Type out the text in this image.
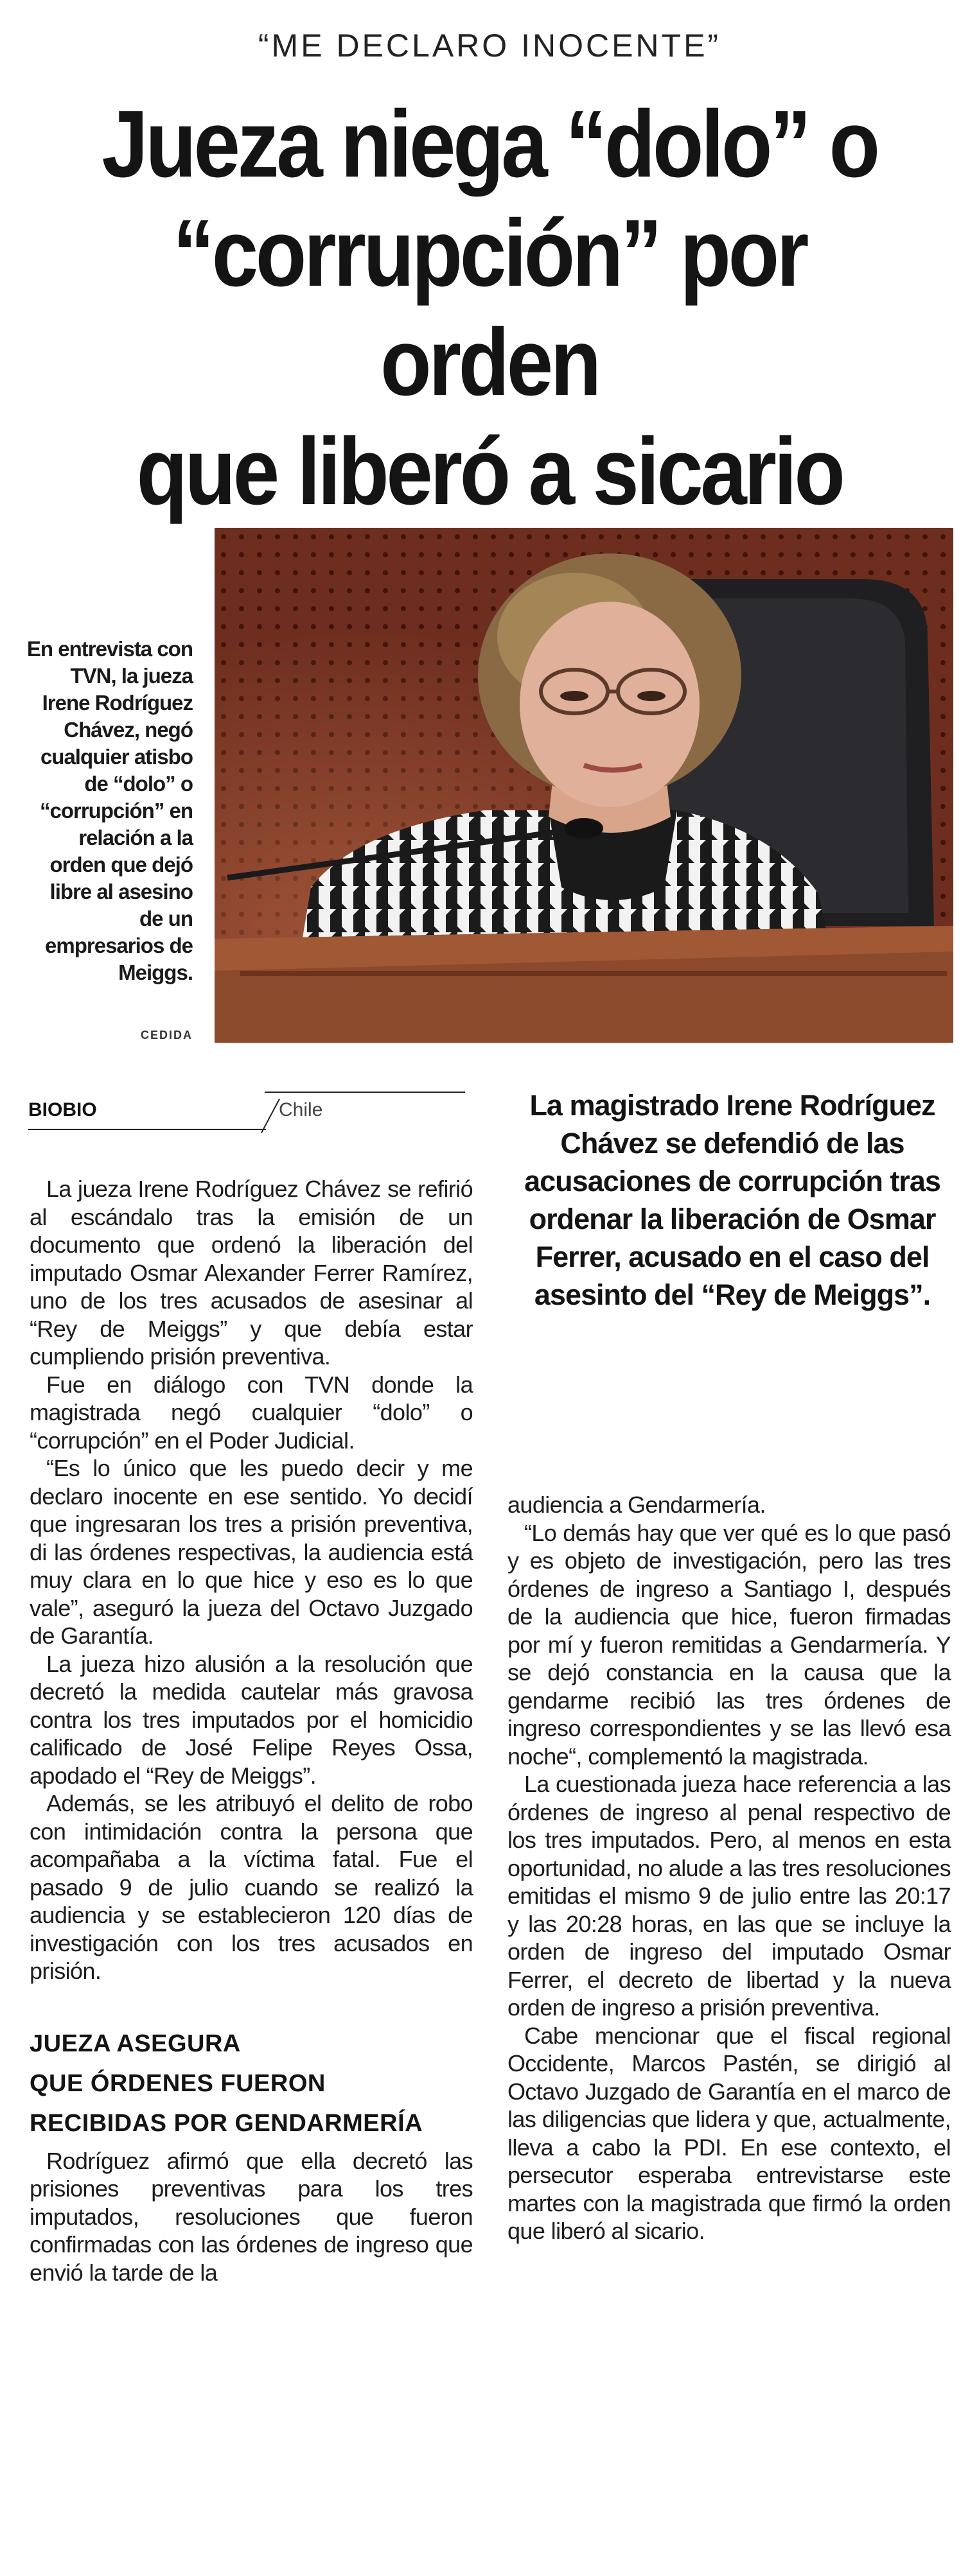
“ME DECLARO INOCENTE”
Jueza niega “dolo” o
“corrupción” por orden
que liberó a sicario
En entrevista con TVN, la jueza Irene Rodríguez Chávez, negó cualquier atisbo de “dolo” o “corrupción” en relación a la orden que dejó libre al asesino de un empresarios de Meiggs.
CEDIDA
BIOBIO	Chile	La magistrado Irene Rodríguez Chávez se defendió de las acusaciones de corrupción tras ordenar la liberación de Osmar Ferrer, acusado en el caso del asesinto del “Rey de Meiggs”.

La jueza Irene Rodríguez Chávez se refirió al escándalo tras la emisión de un documento que ordenó la liberación del imputado Osmar Alexander Ferrer Ramírez, uno de los tres acusados de asesinar al “Rey de Meiggs” y que debía estar cumpliendo prisión preventiva.

Fue en diálogo con TVN donde la magistrada negó cualquier “dolo” o “corrupción” en el Poder Judicial.

“Es lo único que les puedo decir y me declaro inocente en ese sentido. Yo decidí que ingresaran los tres a prisión preventiva, di las órdenes respectivas, la audiencia está muy clara en lo que hice y eso es lo que vale”, aseguró la jueza del Octavo Juzgado de Garantía.

La jueza hizo alusión a la resolución que decretó la medida cautelar más gravosa contra los tres imputados por el homicidio calificado de José Felipe Reyes Ossa, apodado el “Rey de Meiggs”.

Además, se les atribuyó el delito de robo con intimidación contra la persona que acompañaba a la víctima fatal. Fue el pasado 9 de julio cuando se realizó la audiencia y se establecieron 120 días de investigación con los tres acusados en prisión.

JUEZA ASEGURA
QUE ÓRDENES FUERON
RECIBIDAS POR GENDARMERÍA

Rodríguez afirmó que ella decretó las prisiones preventivas para los tres imputados, resoluciones que fueron confirmadas con las órdenes de ingreso que envió la tarde de la

audiencia a Gendarmería.

“Lo demás hay que ver qué es lo que pasó y es objeto de investigación, pero las tres órdenes de ingreso a Santiago I, después de la audiencia que hice, fueron firmadas por mí y fueron remitidas a Gendarmería. Y se dejó constancia en la causa que la gendarme recibió las tres órdenes de ingreso correspondientes y se las llevó esa noche“, complementó la magistrada.

La cuestionada jueza hace referencia a las órdenes de ingreso al penal respectivo de los tres imputados. Pero, al menos en esta oportunidad, no alude a las tres resoluciones emitidas el mismo 9 de julio entre las 20:17 y las 20:28 horas, en las que se incluye la orden de ingreso del imputado Osmar Ferrer, el decreto de libertad y la nueva orden de ingreso a prisión preventiva.

Cabe mencionar que el fiscal regional Occidente, Marcos Pastén, se dirigió al Octavo Juzgado de Garantía en el marco de las diligencias que lidera y que, actualmente, lleva a cabo la PDI. En ese contexto, el persecutor esperaba entrevistarse este martes con la magistrada que firmó la orden que liberó al sicario.
